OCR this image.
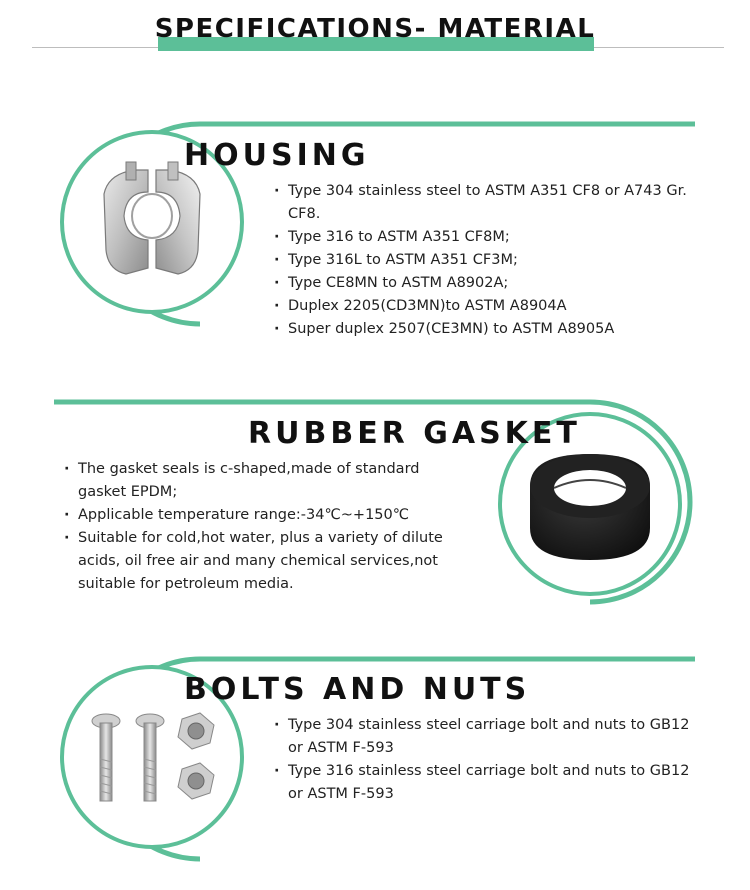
SPECIFICATIONS- MATERIAL
HOUSING
· Type 304 stainless steel to ASTM A351 CF8 or A743 Gr. CF8.
· Type 316 to ASTM A351 CF8M;
· Type 316L to ASTM A351 CF3M;
· Type CE8MN to ASTM A8902A;
· Duplex 2205(CD3MN)to ASTM A8904A
· Super duplex 2507(CE3MN) to ASTM A8905A
RUBBER GASKET
· The gasket seals is c-shaped,made of standard gasket EPDM;
· Applicable temperature range:-34℃~+150℃
· Suitable for cold,hot water, plus a variety of dilute acids, oil free air and many chemical services,not suitable for petroleum media.
BOLTS AND NUTS
· Type 304 stainless steel carriage bolt and nuts to GB12 or ASTM F-593
· Type 316 stainless steel carriage bolt and nuts to GB12 or ASTM F-593
